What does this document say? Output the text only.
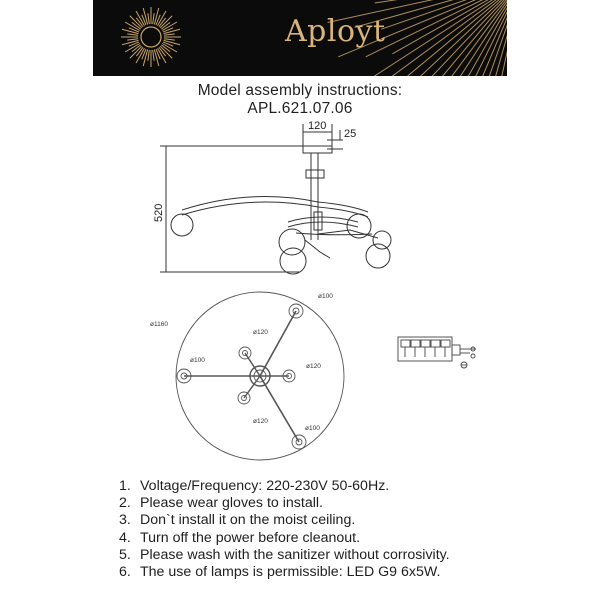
Aployt
Model assembly instructions:
APL.621.07.06
120
25
520
ø1160
ø100
ø100
ø100
ø120
ø120
ø120
1. Voltage/Frequency: 220-230V 50-60Hz.
2. Please wear gloves to install.
3. Don`t install it on the moist ceiling.
4. Turn off the power before cleanout.
5. Please wash with the sanitizer without corrosivity.
6. The use of lamps is permissible: LED G9 6x5W.
